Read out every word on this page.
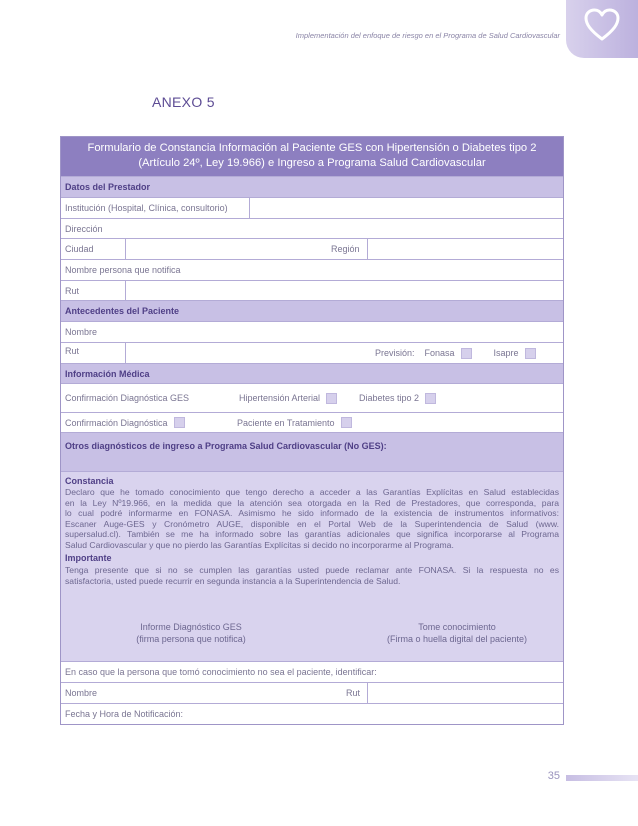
Implementación del enfoque de riesgo en el Programa de Salud Cardiovascular
ANEXO 5
Formulario de Constancia Información al Paciente GES con Hipertensión o Diabetes tipo 2
(Artículo 24º, Ley 19.966) e Ingreso a Programa Salud Cardiovascular
Datos del Prestador
Institución (Hospital, Clínica, consultorio)
Dirección
Ciudad	Región
Nombre persona que notifica
Rut
Antecedentes del Paciente
Nombre
Rut	Previsión: Fonasa	Isapre
Información Médica
Confirmación Diagnóstica GES	Hipertensión Arterial	Diabetes tipo 2
Confirmación Diagnóstica	Paciente en Tratamiento
Otros diagnósticos de ingreso a Programa Salud Cardiovascular (No GES):
Constancia
Declaro que he tomado conocimiento que tengo derecho a acceder a las Garantías Explícitas en Salud establecidas
en la Ley Nº19.966, en la medida que la atención sea otorgada en la Red de Prestadores, que corresponda, para
lo cual podré informarme en FONASA. Asimismo he sido informado de la existencia de instrumentos informativos:
Escaner Auge-GES y Cronómetro AUGE, disponible en el Portal Web de la Superintendencia de Salud (www.
supersalud.cl). También se me ha informado sobre las garantías adicionales que significa incorporarse al Programa
Salud Cardiovascular y que no pierdo las Garantías Explícitas si decido no incorporarme al Programa.
Importante
Tenga presente que si no se cumplen las garantías usted puede reclamar ante FONASA. Si la respuesta no es
satisfactoria, usted puede recurrir en segunda instancia a la Superintendencia de Salud.
Informe Diagnóstico GES
(firma persona que notifica)
Tome conocimiento
(Firma o huella digital del paciente)
En caso que la persona que tomó conocimiento no sea el paciente, identificar:
Nombre	Rut
Fecha y Hora de Notificación:
35
